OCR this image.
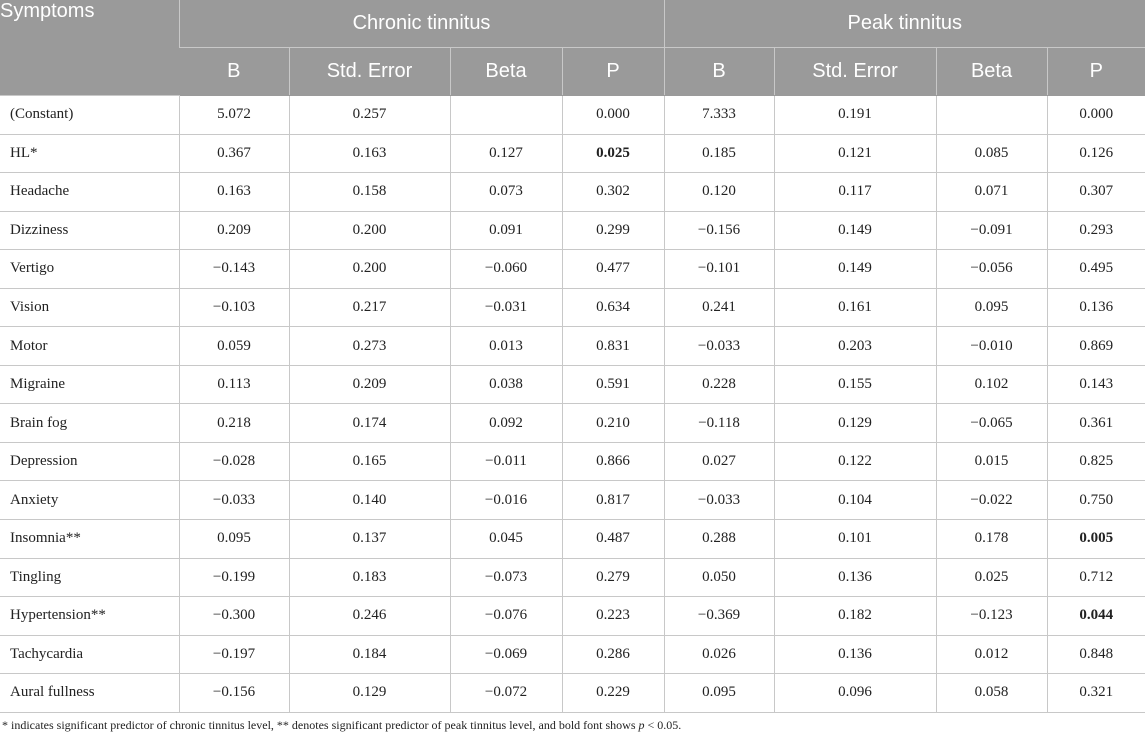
Symptoms	Chronic tinnitus				Peak tinnitus			
	B	Std. Error	Beta	P	B	Std. Error	Beta	P
(Constant)	5.072	0.257		0.000	7.333	0.191		0.000
HL*	0.367	0.163	0.127	0.025	0.185	0.121	0.085	0.126
Headache	0.163	0.158	0.073	0.302	0.120	0.117	0.071	0.307
Dizziness	0.209	0.200	0.091	0.299	−0.156	0.149	−0.091	0.293
Vertigo	−0.143	0.200	−0.060	0.477	−0.101	0.149	−0.056	0.495
Vision	−0.103	0.217	−0.031	0.634	0.241	0.161	0.095	0.136
Motor	0.059	0.273	0.013	0.831	−0.033	0.203	−0.010	0.869
Migraine	0.113	0.209	0.038	0.591	0.228	0.155	0.102	0.143
Brain fog	0.218	0.174	0.092	0.210	−0.118	0.129	−0.065	0.361
Depression	−0.028	0.165	−0.011	0.866	0.027	0.122	0.015	0.825
Anxiety	−0.033	0.140	−0.016	0.817	−0.033	0.104	−0.022	0.750
Insomnia**	0.095	0.137	0.045	0.487	0.288	0.101	0.178	0.005
Tingling	−0.199	0.183	−0.073	0.279	0.050	0.136	0.025	0.712
Hypertension**	−0.300	0.246	−0.076	0.223	−0.369	0.182	−0.123	0.044
Tachycardia	−0.197	0.184	−0.069	0.286	0.026	0.136	0.012	0.848
Aural fullness	−0.156	0.129	−0.072	0.229	0.095	0.096	0.058	0.321
* indicates significant predictor of chronic tinnitus level, ** denotes significant predictor of peak tinnitus level, and bold font shows p < 0.05.
